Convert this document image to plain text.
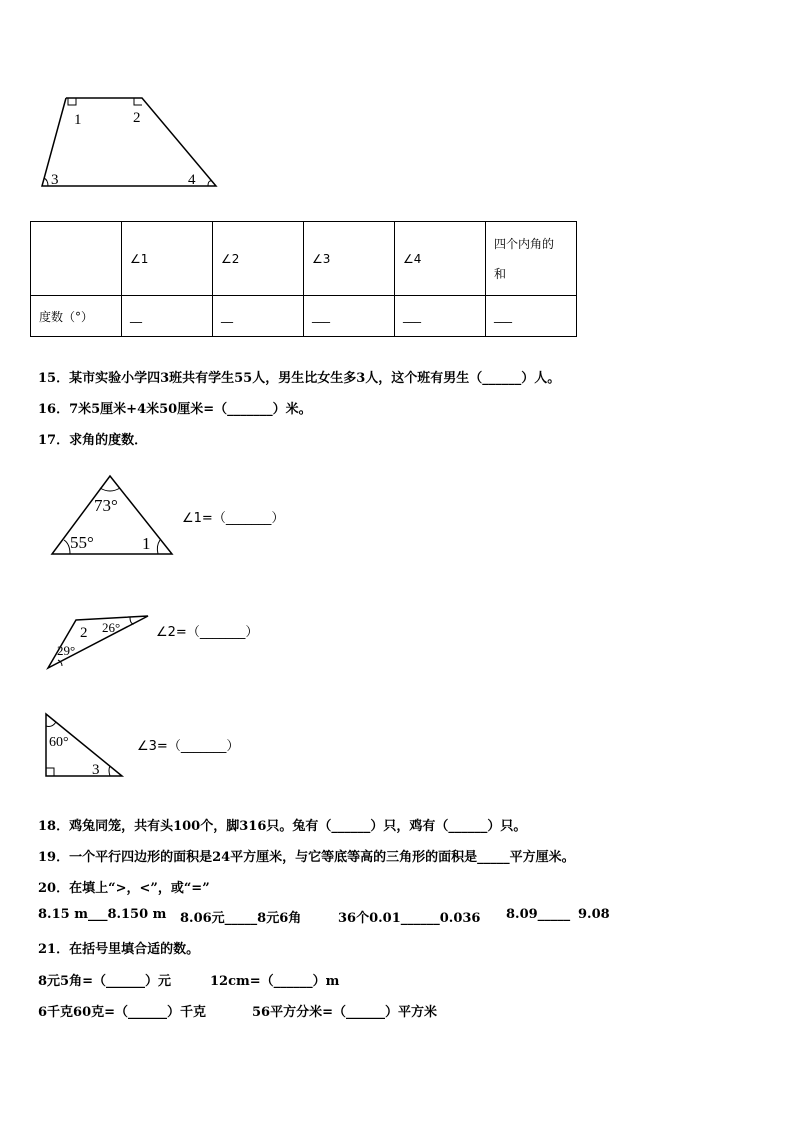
1	2
3	4
	∠1	∠2	∠3	∠4	四个内角的
和
度数（°）	__	__	___	___	___
15．某市实验小学四3班共有学生55人，男生比女生多3人，这个班有男生（______）人。
16．7米5厘米+4米50厘米=（_______）米。
17．求角的度数．
73°
55°	1
∠1=（_______）
2 26°
29°
∠2=（_______）
60°
3
∠3=（_______）
18．鸡兔同笼，共有头100个，脚316只。兔有（______）只，鸡有（______）只。
19．一个平行四边形的面积是24平方厘米，与它等底等高的三角形的面积是_____平方厘米。
20．在填上“>，<”，或“=”
8.15 m___8.150 m 8.06元_____8元6角	36个0.01______0.036 8.09_____ 9.08
21．在括号里填合适的数。
8元5角=（______）元	12cm=（______）m
6千克60克=（______）千克	56平方分米=（______）平方米
